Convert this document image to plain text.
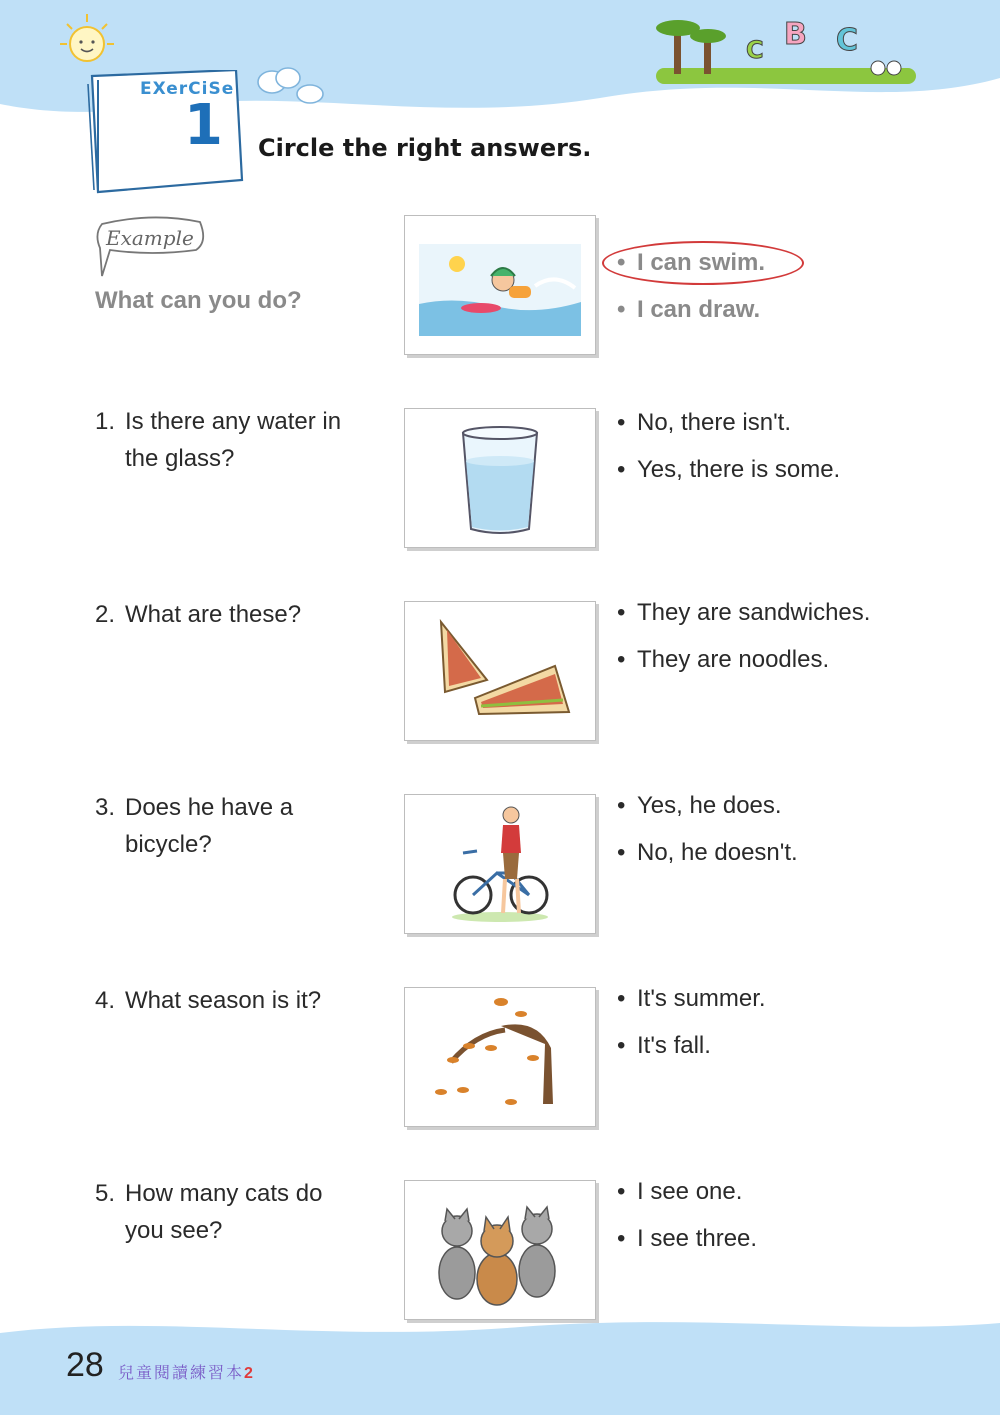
C B C
EXerCiSe
1 Circle the right answers.
Example
What can you do?
• I can swim.
• I can draw.
1. Is there any water in
the glass?
• No, there isn't.
• Yes, there is some.
2. What are these?	• They are sandwiches.
• They are noodles.
3. Does he have a
bicycle?
• Yes, he does.
• No, he doesn't.
4. What season is it?	• It's summer.
• It's fall.
5. How many cats do
you see?
• I see one.
• I see three.
28 兒童閱讀練習本2
